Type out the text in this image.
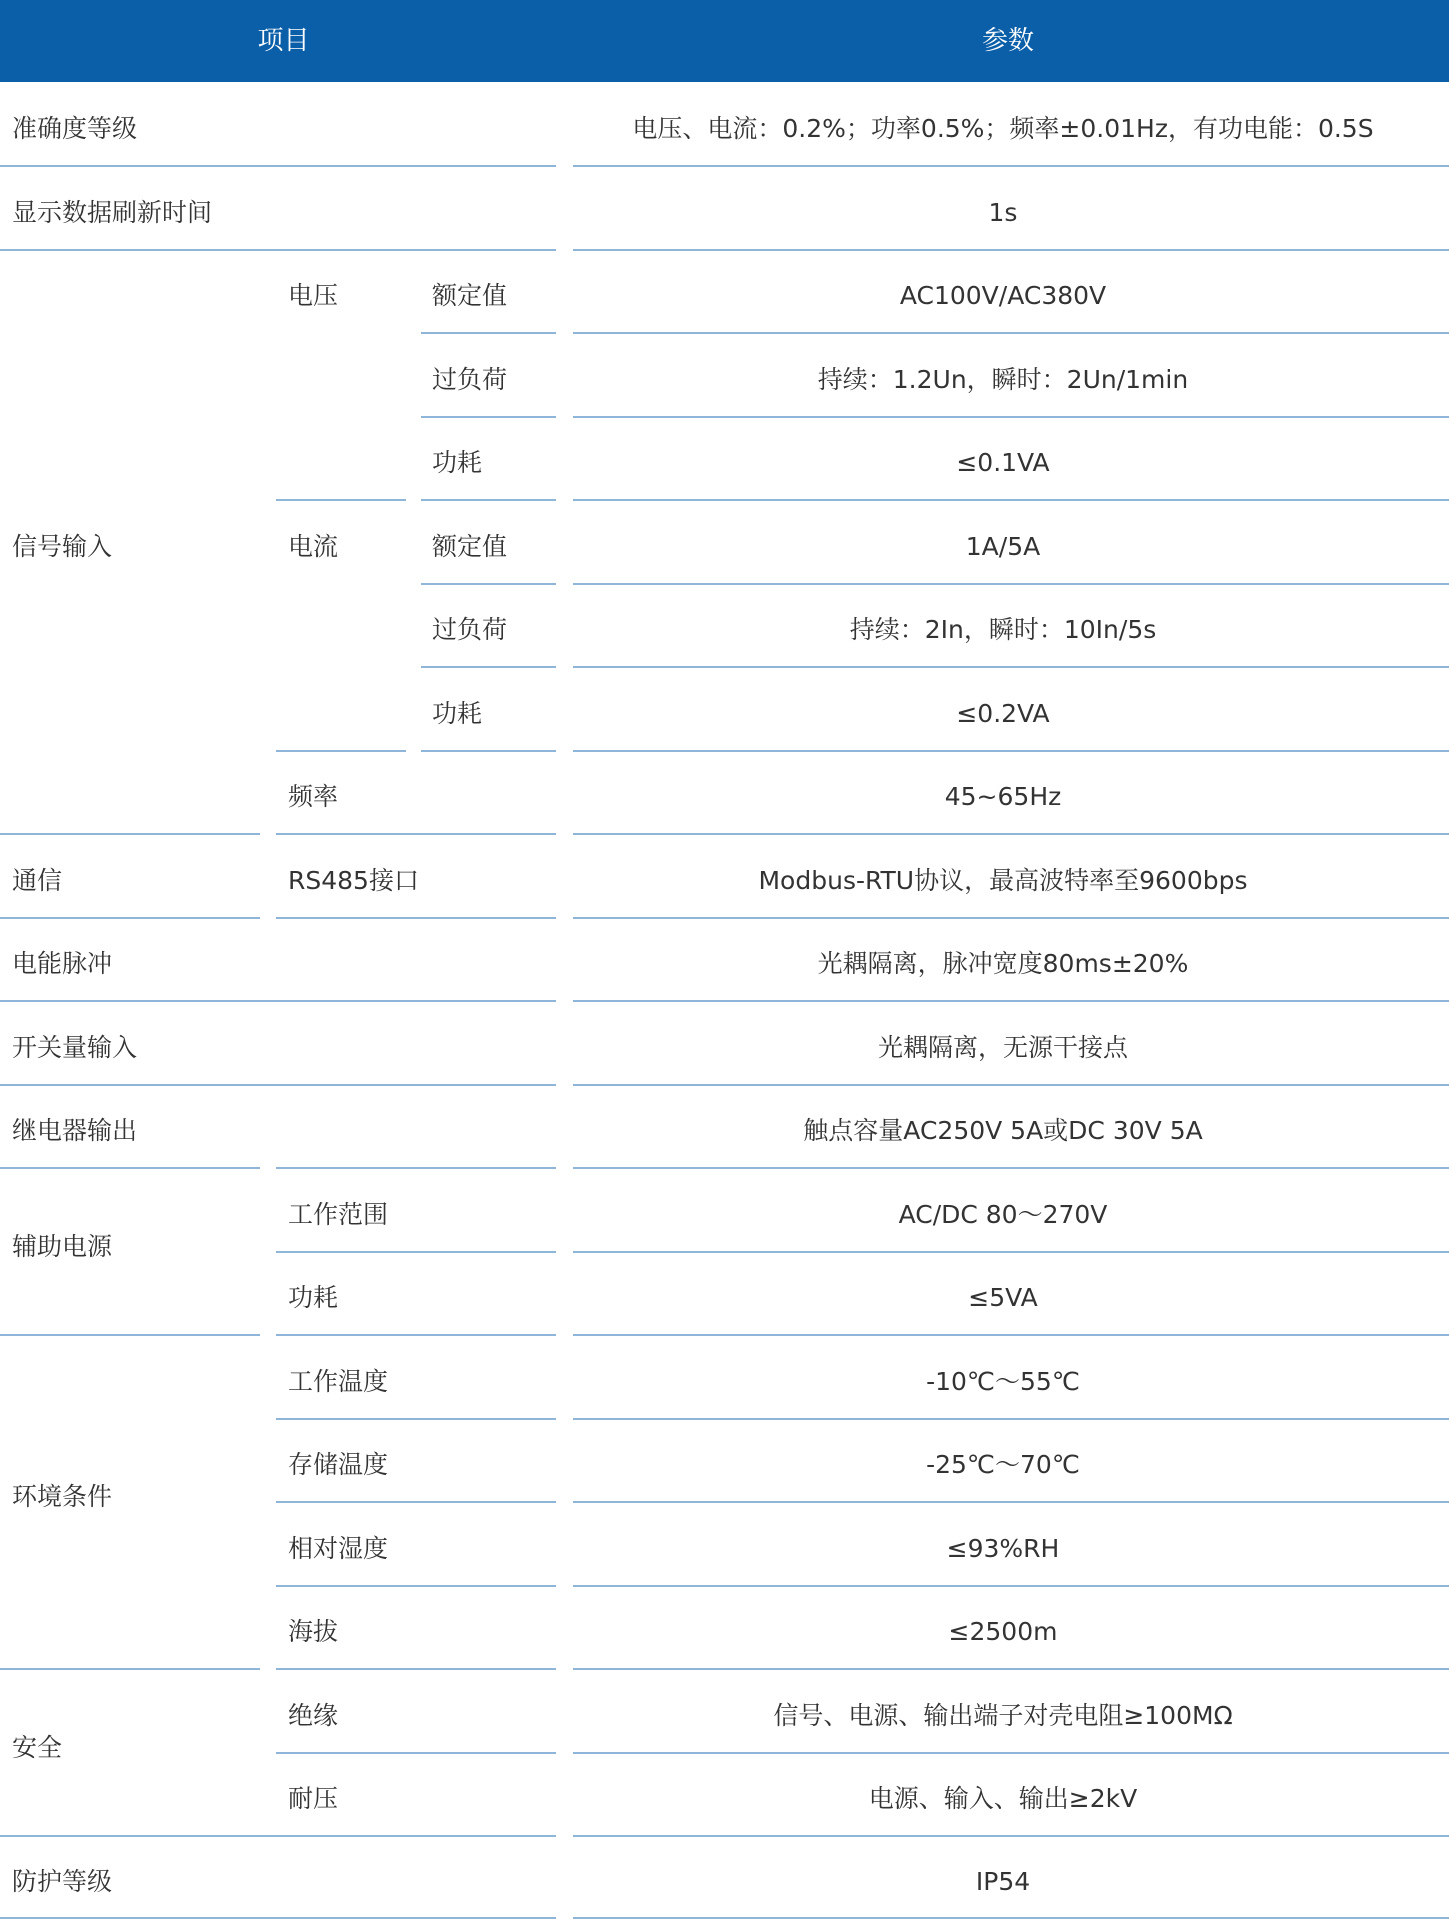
项目	参数
准确度等级	电压、电流：0.2%；功率0.5%；频率±0.01Hz，有功电能：0.5S
显示数据刷新时间	1s
信号输入
电压	额定值	AC100V/AC380V
过负荷	持续：1.2Un，瞬时：2Un/1min
功耗	≤0.1VA
电流	额定值	1A/5A
过负荷	持续：2In，瞬时：10In/5s
功耗	≤0.2VA
频率	45~65Hz
通信	RS485接口	Modbus-RTU协议，最高波特率至9600bps
电能脉冲	光耦隔离，脉冲宽度80ms±20%
开关量输入	光耦隔离，无源干接点
继电器输出	触点容量AC250V 5A或DC 30V 5A
辅助电源
工作范围	AC/DC 80～270V
功耗	≤5VA
环境条件
工作温度	-10℃～55℃
存储温度	-25℃～70℃
相对湿度	≤93%RH
海拔	≤2500m
安全
绝缘	信号、电源、输出端子对壳电阻≥100MΩ
耐压	电源、输入、输出≥2kV
防护等级	IP54
